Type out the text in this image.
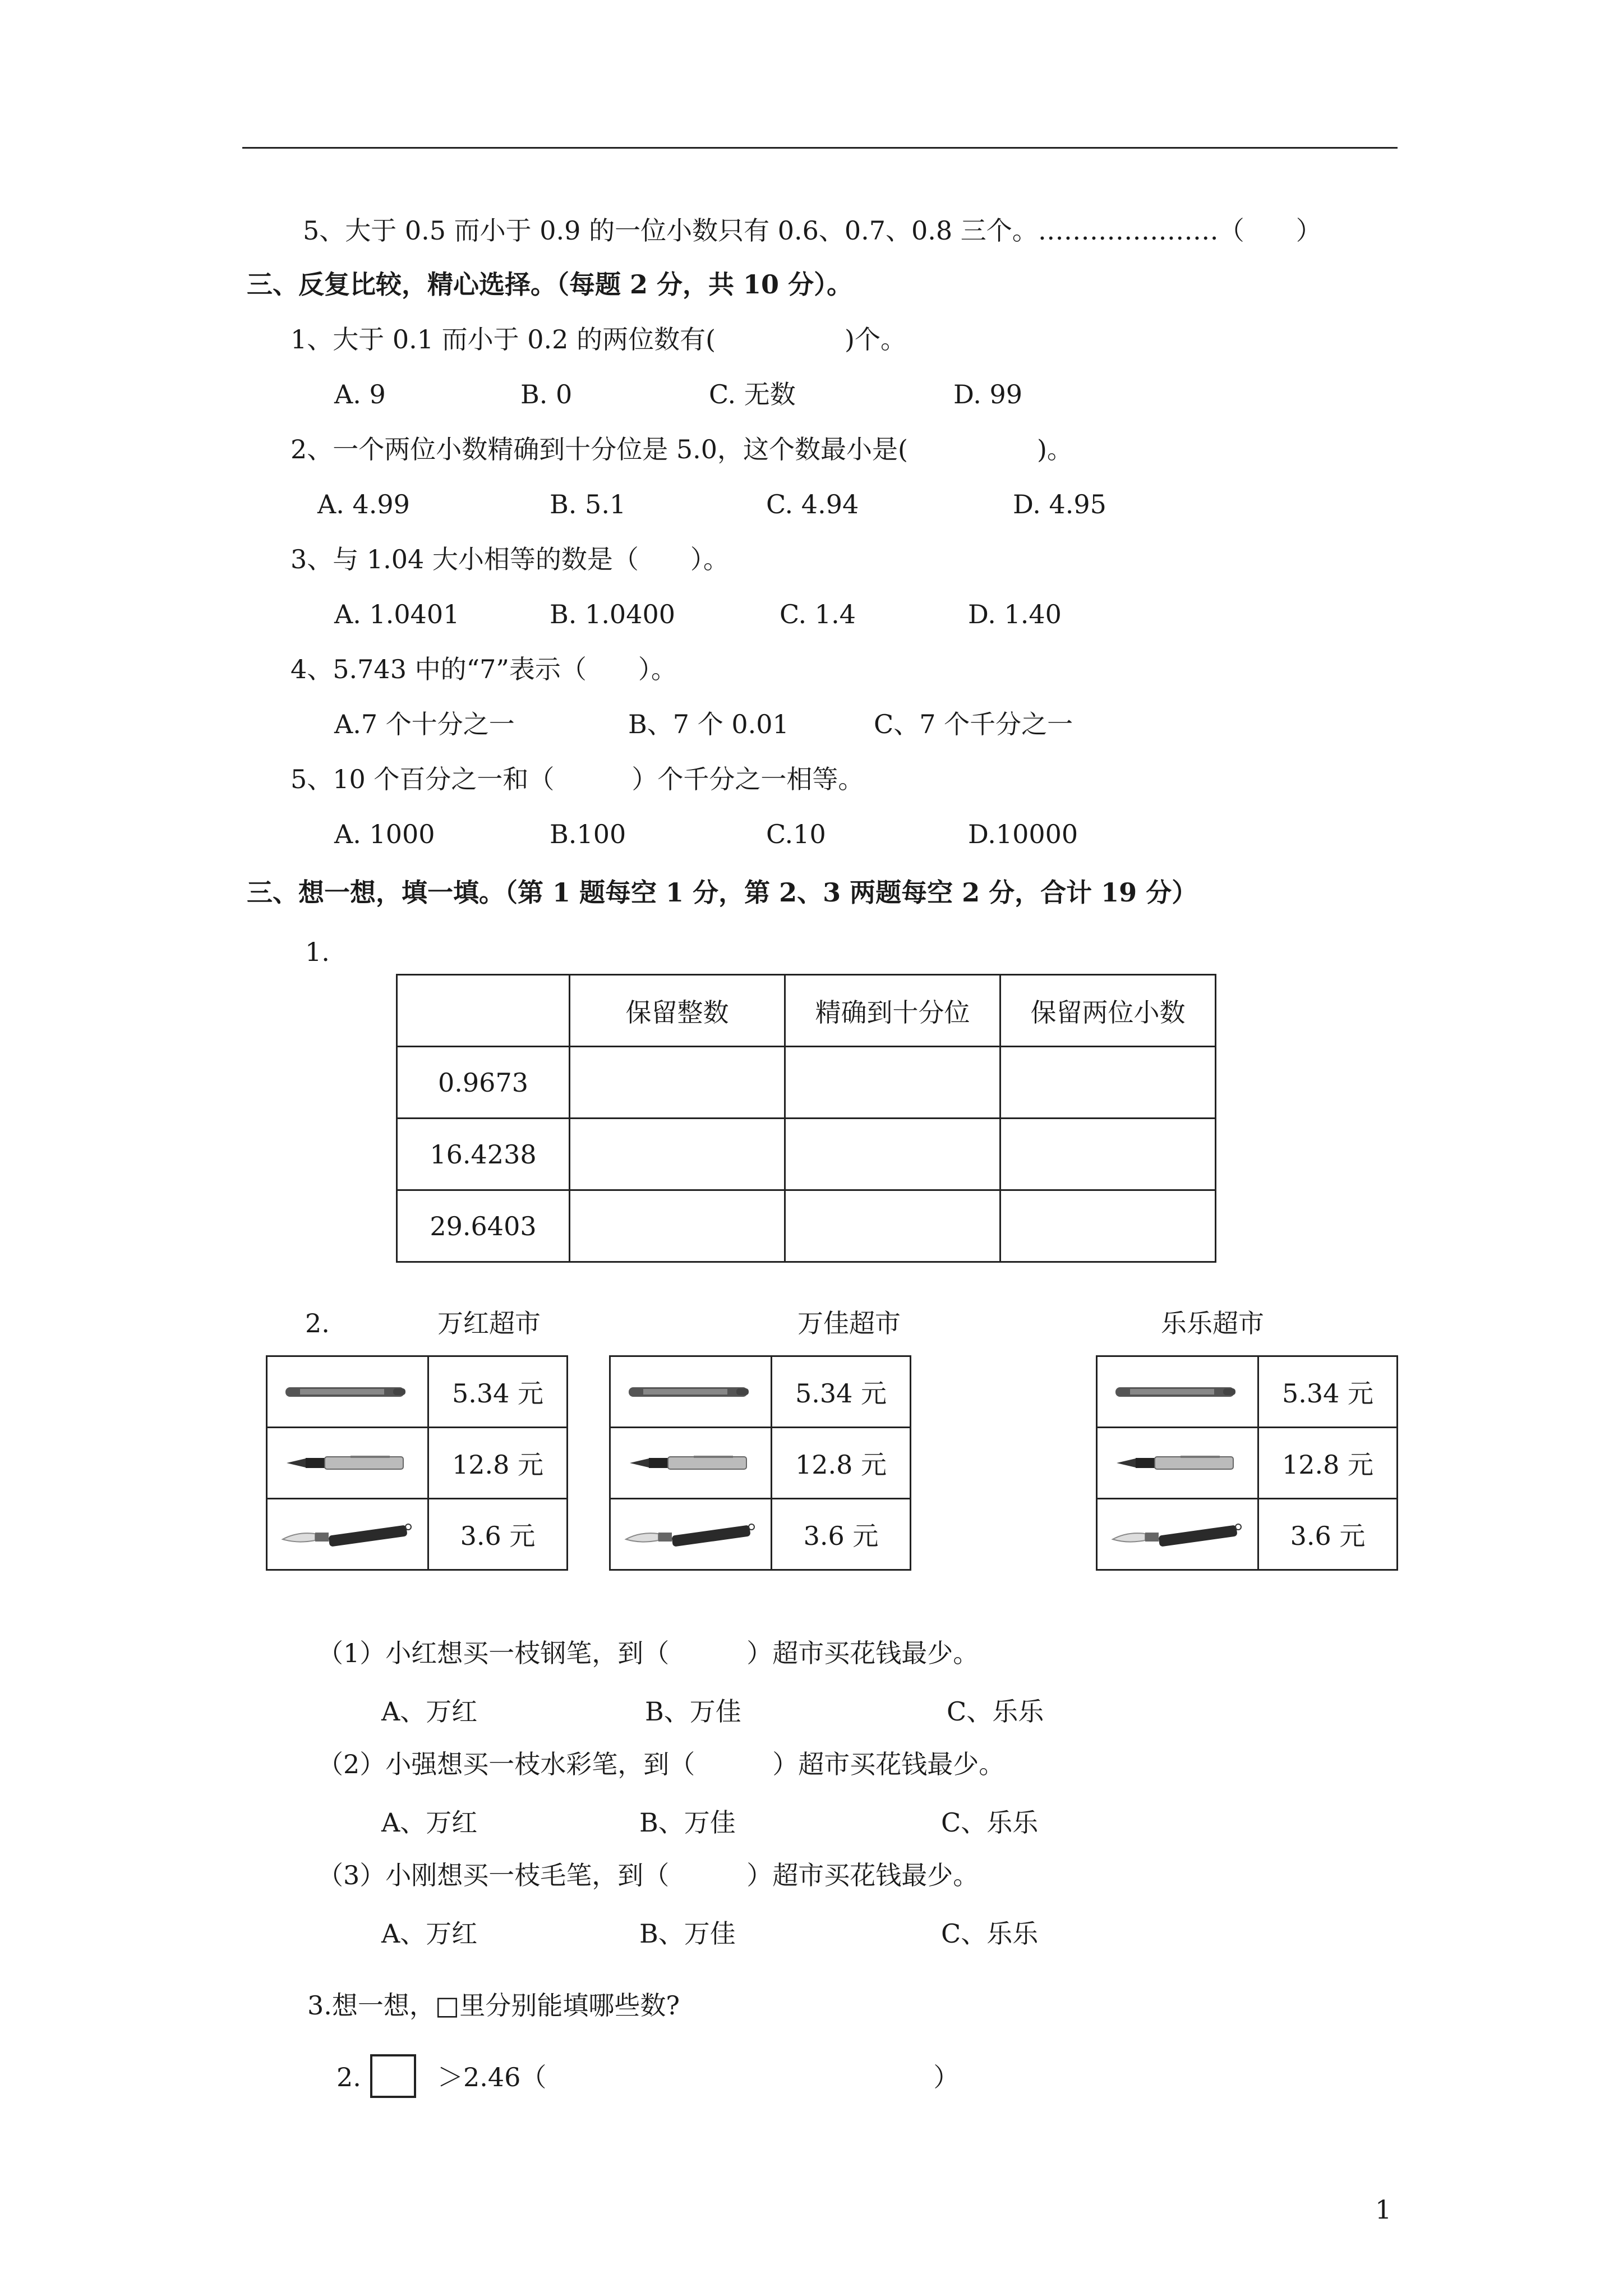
5、大于 0.5 而小于 0.9 的一位小数只有 0.6、0.7、0.8 三个。…………………（　　）
三、反复比较，精心选择。（每题 2 分，共 10 分）。
1、大于 0.1 而小于 0.2 的两位数有(　　　　　)个。
A. 9	B. 0	C. 无数	D. 99
2、一个两位小数精确到十分位是 5.0，这个数最小是(　　　　　)。
A. 4.99	B. 5.1	C. 4.94	D. 4.95
3、与 1.04 大小相等的数是（　　）。
A. 1.0401	B. 1.0400	C. 1.4	D. 1.40
4、5.743 中的“7”表示（　　）。
A.7 个十分之一	B、7 个 0.01	C、7 个千分之一
5、10 个百分之一和（　　　）个千分之一相等。
A. 1000	B.100	C.10	D.10000
三、想一想，填一填。（第 1 题每空 1 分，第 2、3 两题每空 2 分，合计 19 分）
1.
	保留整数	精确到十分位	保留两位小数
0.9673			
16.4238			
29.6403			
2.	万红超市	万佳超市	乐乐超市
	5.34 元

	12.8 元

	3.6 元
	5.34 元

	12.8 元

	3.6 元
	5.34 元

	12.8 元

	3.6 元
（1）小红想买一枝钢笔，到（　　　）超市买花钱最少。
A、万红	B、万佳	C、乐乐
（2）小强想买一枝水彩笔，到（　　　）超市买花钱最少。
A、万红	B、万佳	C、乐乐
（3）小刚想买一枝毛笔，到（　　　）超市买花钱最少。
A、万红	B、万佳	C、乐乐
3.想一想，□里分别能填哪些数?
2.	＞2.46（　　　　　　　　　　　　　　　）
1
